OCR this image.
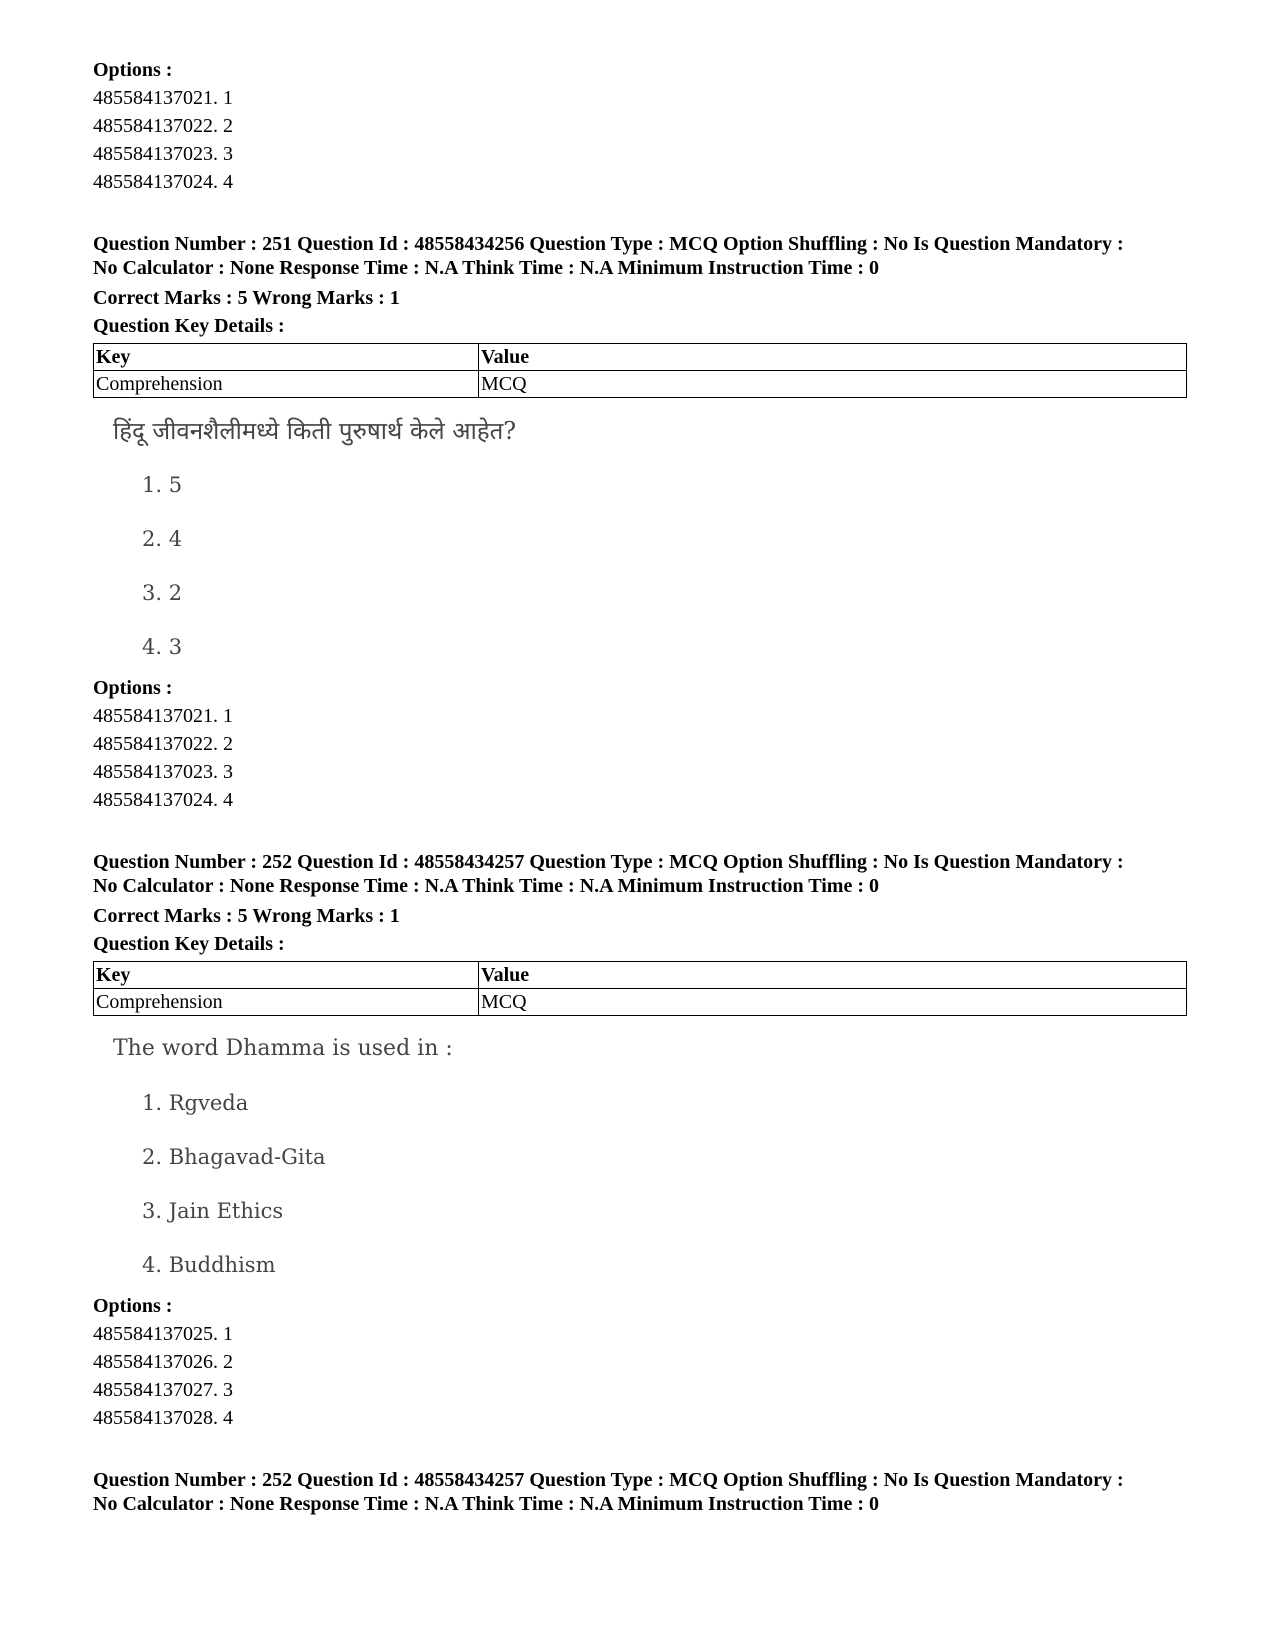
Options :
485584137021. 1
485584137022. 2
485584137023. 3
485584137024. 4
Question Number : 251 Question Id : 48558434256 Question Type : MCQ Option Shuffling : No Is Question Mandatory :
No Calculator : None Response Time : N.A Think Time : N.A Minimum Instruction Time : 0
Correct Marks : 5 Wrong Marks : 1
Question Key Details :
Key	Value
Comprehension	MCQ
हिंदू जीवनशैलीमध्ये किती पुरुषार्थ केले आहेत?
1. 5
2. 4
3. 2
4. 3
Options :
485584137021. 1
485584137022. 2
485584137023. 3
485584137024. 4
Question Number : 252 Question Id : 48558434257 Question Type : MCQ Option Shuffling : No Is Question Mandatory :
No Calculator : None Response Time : N.A Think Time : N.A Minimum Instruction Time : 0
Correct Marks : 5 Wrong Marks : 1
Question Key Details :
Key	Value
Comprehension	MCQ
The word Dhamma is used in :
1. Rgveda
2. Bhagavad-Gita
3. Jain Ethics
4. Buddhism
Options :
485584137025. 1
485584137026. 2
485584137027. 3
485584137028. 4
Question Number : 252 Question Id : 48558434257 Question Type : MCQ Option Shuffling : No Is Question Mandatory :
No Calculator : None Response Time : N.A Think Time : N.A Minimum Instruction Time : 0
